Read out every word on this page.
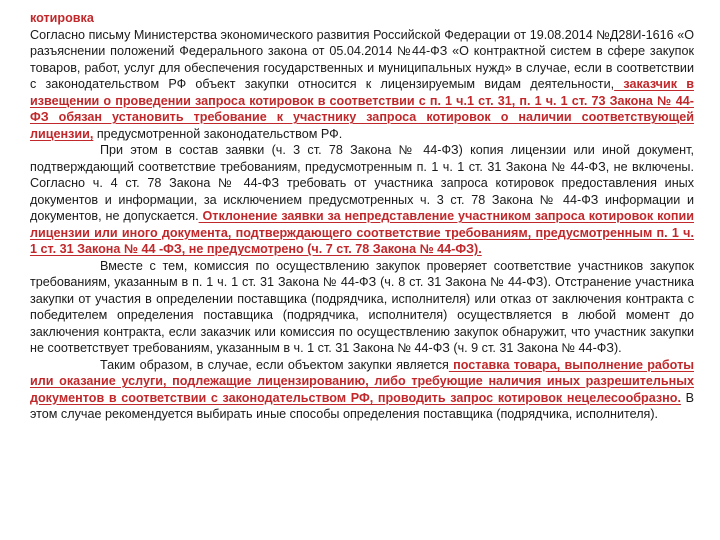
котировка

Согласно письму Министерства экономического развития Российской Федерации от 19.08.2014 №Д28И-1616 «О разъяснении положений Федерального закона от 05.04.2014 №44-ФЗ «О контрактной систем в сфере закупок товаров, работ, услуг для обеспечения государственных и муниципальных нужд» в случае, если в соответствии с законодательством РФ объект закупки относится к лицензируемым видам деятельности, заказчик в извещении о проведении запроса котировок в соответствии с п. 1 ч.1 ст. 31, п. 1 ч. 1 ст. 73 Закона № 44-ФЗ обязан установить требование к участнику запроса котировок о наличии соответствующей лицензии, предусмотренной законодательством РФ.

При этом в состав заявки (ч. 3 ст. 78 Закона № 44-ФЗ) копия лицензии или иной документ, подтверждающий соответствие требованиям, предусмотренным п. 1 ч. 1 ст. 31 Закона № 44-ФЗ, не включены. Согласно ч. 4 ст. 78 Закона № 44-ФЗ требовать от участника запроса котировок предоставления иных документов и информации, за исключением предусмотренных ч. 3 ст. 78 Закона № 44-ФЗ информации и документов, не допускается. Отклонение заявки за непредставление участником запроса котировок копии лицензии или иного документа, подтверждающего соответствие требованиям, предусмотренным п. 1 ч. 1 ст. 31 Закона № 44 -ФЗ, не предусмотрено (ч. 7 ст. 78 Закона № 44-ФЗ).

Вместе с тем, комиссия по осуществлению закупок проверяет соответствие участников закупок требованиям, указанным в п. 1 ч. 1 ст. 31 Закона № 44-ФЗ (ч. 8 ст. 31 Закона № 44-ФЗ). Отстранение участника закупки от участия в определении поставщика (подрядчика, исполнителя) или отказ от заключения контракта с победителем определения поставщика (подрядчика, исполнителя) осуществляется в любой момент до заключения контракта, если заказчик или комиссия по осуществлению закупок обнаружит, что участник закупки не соответствует требованиям, указанным в ч. 1 ст. 31 Закона № 44-ФЗ (ч. 9 ст. 31 Закона № 44-ФЗ).

Таким образом, в случае, если объектом закупки является поставка товара, выполнение работы или оказание услуги, подлежащие лицензированию, либо требующие наличия иных разрешительных документов в соответствии с законодательством РФ, проводить запрос котировок нецелесообразно. В этом случае рекомендуется выбирать иные способы определения поставщика (подрядчика, исполнителя).
